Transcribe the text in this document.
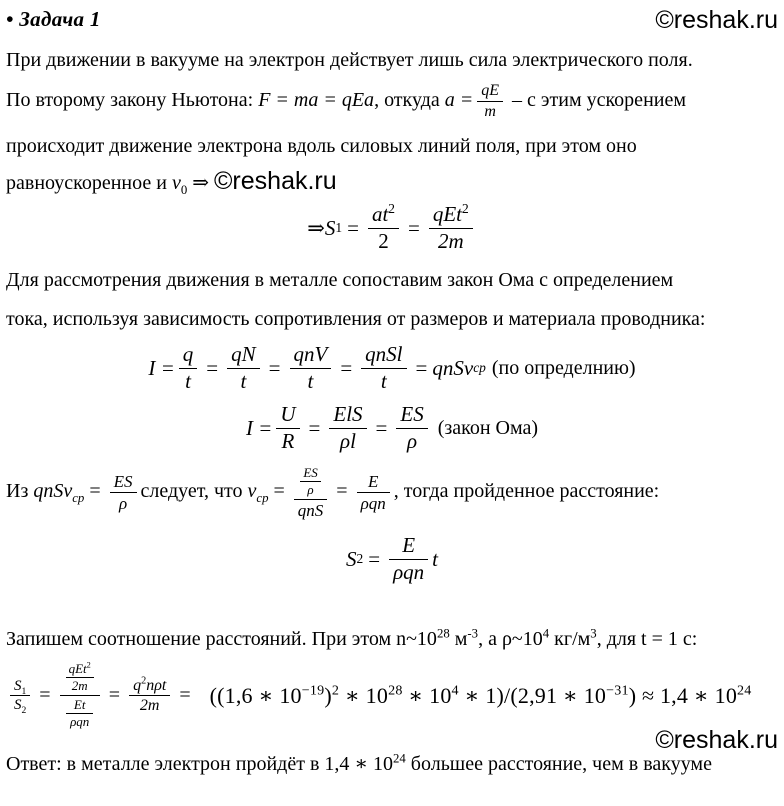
• Задача 1	©reshak.ru

При движении в вакууме на электрон действует лишь сила электрического поля.

По второму закону Ньютона: F = ma = qEa, откуда $a = \frac{qE}{m} - с$ этим ускорением

происходит движение электрона вдоль силовых линий поля, при этом оно

равноускоренное и $v_0$ ⇒ ©reshak.ru

⇒ S $1 = \frac{at^2}{2}$ =
qEt$^2$
2m

Для рассмотрения движения в металле сопоставим закон Ома с определением

тока, используя зависимость сопротивления от размеров и материала проводника:

$I = \frac{q}{t} = \frac{qN}{t}$ =
qnV
t
=
qnSl
t
= qnSv ср (по определнию)
$I = \frac{U}{R}$ =
ElS
ρl
= $\frac{ES}{\rho}$ (закон Ома)

Из qnSv$_{ср}$ = $\frac{ES}{\rho}$ следует, что $v_{ср} = \frac{ES}{\rho}$
qnS
=	E
ρqn
, тогда пройденное расстояние:

S 2 =
E
ρqn
t

Запишем соотношение расстояний. При этом $n\sim 10^{28}$ $м^{-3}$, а $\rho\sim 10^4$ $кг/м^3$, для t = 1 с:

$\frac{S_1}{S_2}$ =
qEt$^2$
2m
Et
ρqn
= $q^2n\rho t$
2m = ((1,6 ∗ $10^{-19})^2$ ∗ $10^{28}$ ∗ $10^4$ ∗ 1)/(2,91 ∗ $10^{-31}) \approx 1,4$ ∗ $10^{24}$
©reshak.ru

Ответ: в металле электрон пройдёт в 1,4 ∗ $10^{24}$ большее расстояние, чем в вакууме
